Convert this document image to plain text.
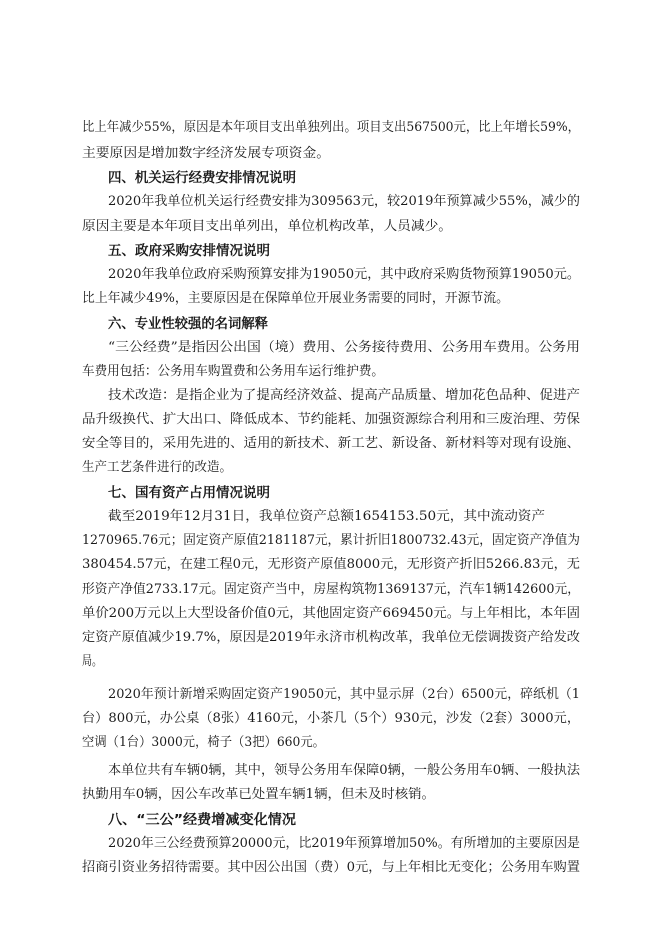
比上年减少55%，原因是本年项目支出单独列出。项目支出567500元，比上年增长59%，

主要原因是增加数字经济发展专项资金。

四、机关运行经费安排情况说明

2020年我单位机关运行经费安排为309563元，较2019年预算减少55%，减少的

原因主要是本年项目支出单列出，单位机构改革，人员减少。

五、政府采购安排情况说明

2020年我单位政府采购预算安排为19050元，其中政府采购货物预算19050元。

比上年减少49%，主要原因是在保障单位开展业务需要的同时，开源节流。

六、专业性较强的名词解释

“三公经费”是指因公出国（境）费用、公务接待费用、公务用车费用。公务用

车费用包括：公务用车购置费和公务用车运行维护费。

技术改造：是指企业为了提高经济效益、提高产品质量、增加花色品种、促进产

品升级换代、扩大出口、降低成本、节约能耗、加强资源综合利用和三废治理、劳保

安全等目的，采用先进的、适用的新技术、新工艺、新设备、新材料等对现有设施、

生产工艺条件进行的改造。

七、国有资产占用情况说明

截至2019年12月31日，我单位资产总额1654153.50元，其中流动资产

1270965.76元；固定资产原值2181187元，累计折旧1800732.43元，固定资产净值为

380454.57元，在建工程0元，无形资产原值8000元，无形资产折旧5266.83元，无

形资产净值2733.17元。固定资产当中，房屋构筑物1369137元，汽车1辆142600元，

单价200万元以上大型设备价值0元，其他固定资产669450元。与上年相比，本年固

定资产原值减少19.7%，原因是2019年永济市机构改革，我单位无偿调拨资产给发改

局。

2020年预计新增采购固定资产19050元，其中显示屏（2台）6500元，碎纸机（1

台）800元，办公桌（8张）4160元，小茶几（5个）930元，沙发（2套）3000元，

空调（1台）3000元，椅子（3把）660元。

本单位共有车辆0辆，其中，领导公务用车保障0辆，一般公务用车0辆、一般执法

执勤用车0辆，因公车改革已处置车辆1辆，但未及时核销。

八、“三公”经费增减变化情况

2020年三公经费预算20000元，比2019年预算增加50%。有所增加的主要原因是

招商引资业务招待需要。其中因公出国（费）0元，与上年相比无变化；公务用车购置
